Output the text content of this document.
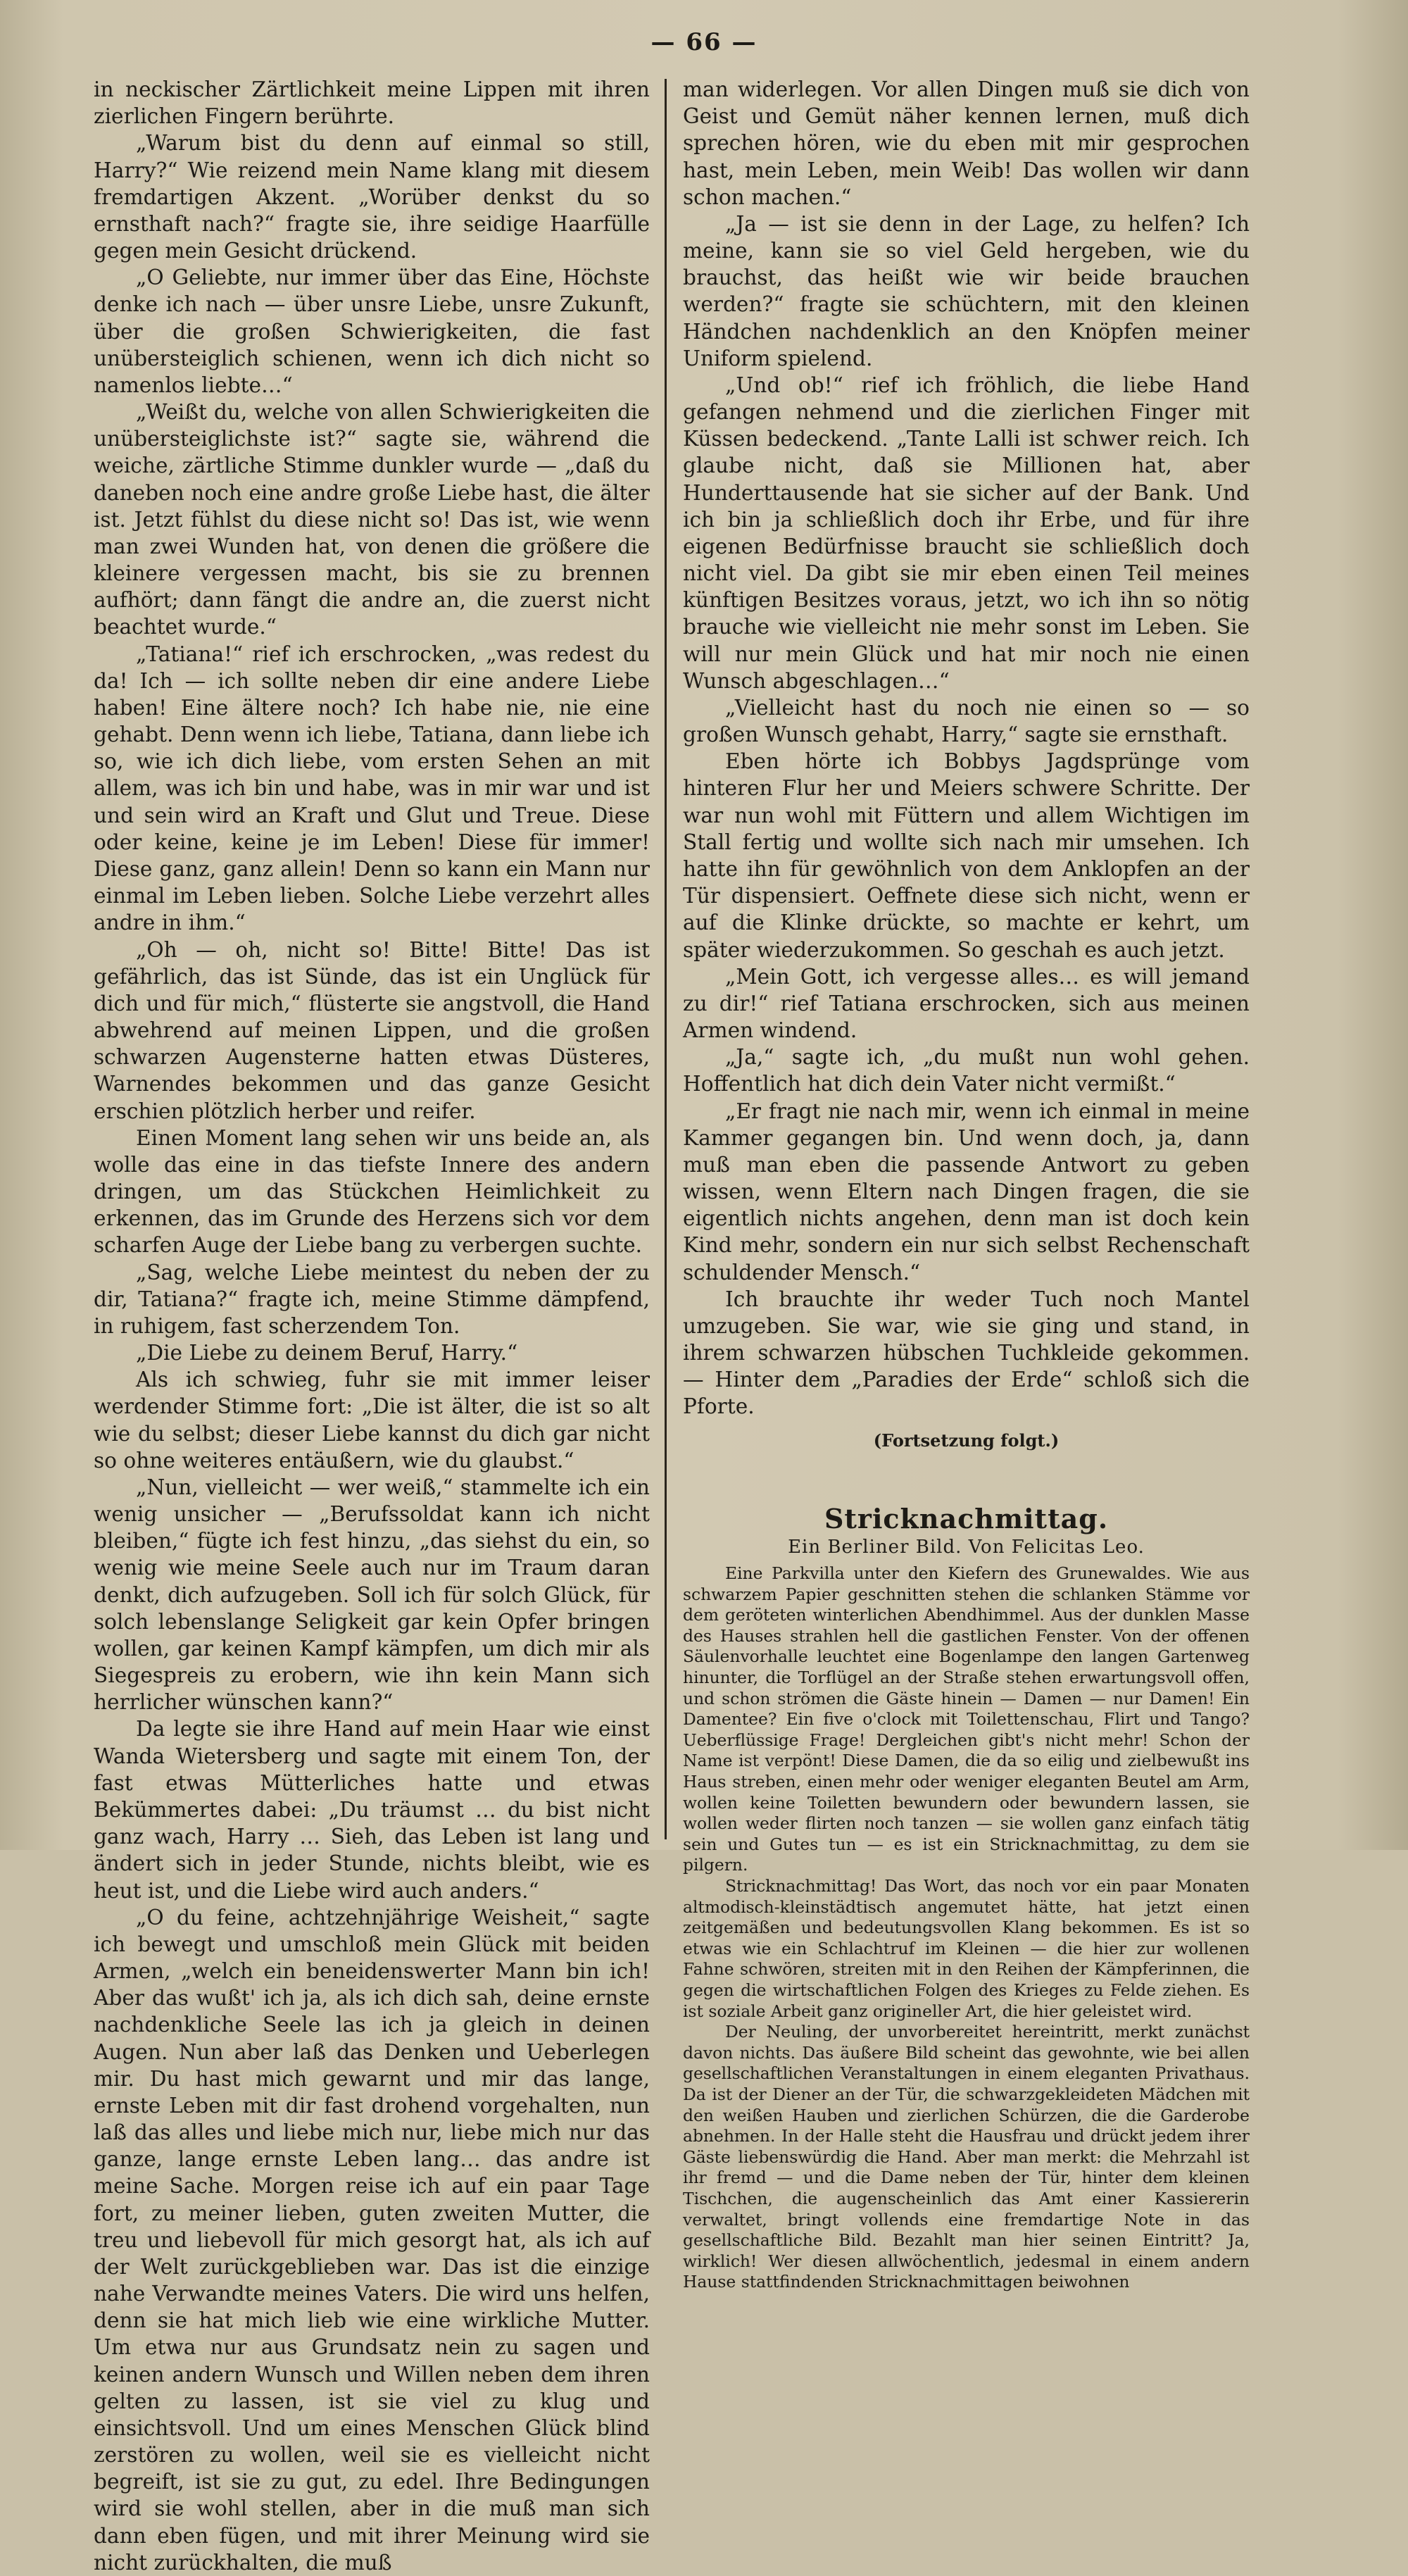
— 66 —

in neckischer Zärtlichkeit meine Lippen mit ihren zierlichen Fingern berührte.

„Warum bist du denn auf einmal so still, Harry?“ Wie reizend mein Name klang mit diesem fremdartigen Akzent. „Worüber denkst du so ernsthaft nach?“ fragte sie, ihre seidige Haarfülle gegen mein Gesicht drückend.

„O Geliebte, nur immer über das Eine, Höchste denke ich nach — über unsre Liebe, unsre Zukunft, über die großen Schwierigkeiten, die fast unübersteiglich schienen, wenn ich dich nicht so namenlos liebte…“

„Weißt du, welche von allen Schwierigkeiten die unübersteiglichste ist?“ sagte sie, während die weiche, zärtliche Stimme dunkler wurde — „daß du daneben noch eine andre große Liebe hast, die älter ist. Jetzt fühlst du diese nicht so! Das ist, wie wenn man zwei Wunden hat, von denen die größere die kleinere vergessen macht, bis sie zu brennen aufhört; dann fängt die andre an, die zuerst nicht beachtet wurde.“

„Tatiana!“ rief ich erschrocken, „was redest du da! Ich — ich sollte neben dir eine andere Liebe haben! Eine ältere noch? Ich habe nie, nie eine gehabt. Denn wenn ich liebe, Tatiana, dann liebe ich so, wie ich dich liebe, vom ersten Sehen an mit allem, was ich bin und habe, was in mir war und ist und sein wird an Kraft und Glut und Treue. Diese oder keine, keine je im Leben! Diese für immer! Diese ganz, ganz allein! Denn so kann ein Mann nur einmal im Leben lieben. Solche Liebe verzehrt alles andre in ihm.“

„Oh — oh, nicht so! Bitte! Bitte! Das ist gefährlich, das ist Sünde, das ist ein Unglück für dich und für mich,“ flüsterte sie angstvoll, die Hand abwehrend auf meinen Lippen, und die großen schwarzen Augensterne hatten etwas Düsteres, Warnendes bekommen und das ganze Gesicht erschien plötzlich herber und reifer.

Einen Moment lang sehen wir uns beide an, als wolle das eine in das tiefste Innere des andern dringen, um das Stückchen Heimlichkeit zu erkennen, das im Grunde des Herzens sich vor dem scharfen Auge der Liebe bang zu verbergen suchte.

„Sag, welche Liebe meintest du neben der zu dir, Tatiana?“ fragte ich, meine Stimme dämpfend, in ruhigem, fast scherzendem Ton.

„Die Liebe zu deinem Beruf, Harry.“

Als ich schwieg, fuhr sie mit immer leiser werdender Stimme fort: „Die ist älter, die ist so alt wie du selbst; dieser Liebe kannst du dich gar nicht so ohne weiteres entäußern, wie du glaubst.“

„Nun, vielleicht — wer weiß,“ stammelte ich ein wenig unsicher — „Berufssoldat kann ich nicht bleiben,“ fügte ich fest hinzu, „das siehst du ein, so wenig wie meine Seele auch nur im Traum daran denkt, dich aufzugeben. Soll ich für solch Glück, für solch lebenslange Seligkeit gar kein Opfer bringen wollen, gar keinen Kampf kämpfen, um dich mir als Siegespreis zu erobern, wie ihn kein Mann sich herrlicher wünschen kann?“

Da legte sie ihre Hand auf mein Haar wie einst Wanda Wietersberg und sagte mit einem Ton, der fast etwas Mütterliches hatte und etwas Bekümmertes dabei: „Du träumst … du bist nicht ganz wach, Harry … Sieh, das Leben ist lang und ändert sich in jeder Stunde, nichts bleibt, wie es heut ist, und die Liebe wird auch anders.“

„O du feine, achtzehnjährige Weisheit,“ sagte ich bewegt und umschloß mein Glück mit beiden Armen, „welch ein beneidenswerter Mann bin ich! Aber das wußt' ich ja, als ich dich sah, deine ernste nachdenkliche Seele las ich ja gleich in deinen Augen. Nun aber laß das Denken und Ueberlegen mir. Du hast mich gewarnt und mir das lange, ernste Leben mit dir fast drohend vorgehalten, nun laß das alles und liebe mich nur, liebe mich nur das ganze, lange ernste Leben lang… das andre ist meine Sache. Morgen reise ich auf ein paar Tage fort, zu meiner lieben, guten zweiten Mutter, die treu und liebevoll für mich gesorgt hat, als ich auf der Welt zurückgeblieben war. Das ist die einzige nahe Verwandte meines Vaters. Die wird uns helfen, denn sie hat mich lieb wie eine wirkliche Mutter. Um etwa nur aus Grundsatz nein zu sagen und keinen andern Wunsch und Willen neben dem ihren gelten zu lassen, ist sie viel zu klug und einsichtsvoll. Und um eines Menschen Glück blind zerstören zu wollen, weil sie es vielleicht nicht begreift, ist sie zu gut, zu edel. Ihre Bedingungen wird sie wohl stellen, aber in die muß man sich dann eben fügen, und mit ihrer Meinung wird sie nicht zurückhalten, die muß

man widerlegen. Vor allen Dingen muß sie dich von Geist und Gemüt näher kennen lernen, muß dich sprechen hören, wie du eben mit mir gesprochen hast, mein Leben, mein Weib! Das wollen wir dann schon machen.“

„Ja — ist sie denn in der Lage, zu helfen? Ich meine, kann sie so viel Geld hergeben, wie du brauchst, das heißt wie wir beide brauchen werden?“ fragte sie schüchtern, mit den kleinen Händchen nachdenklich an den Knöpfen meiner Uniform spielend.

„Und ob!“ rief ich fröhlich, die liebe Hand gefangen nehmend und die zierlichen Finger mit Küssen bedeckend. „Tante Lalli ist schwer reich. Ich glaube nicht, daß sie Millionen hat, aber Hunderttausende hat sie sicher auf der Bank. Und ich bin ja schließlich doch ihr Erbe, und für ihre eigenen Bedürfnisse braucht sie schließlich doch nicht viel. Da gibt sie mir eben einen Teil meines künftigen Besitzes voraus, jetzt, wo ich ihn so nötig brauche wie vielleicht nie mehr sonst im Leben. Sie will nur mein Glück und hat mir noch nie einen Wunsch abgeschlagen…“

„Vielleicht hast du noch nie einen so — so großen Wunsch gehabt, Harry,“ sagte sie ernsthaft.

Eben hörte ich Bobbys Jagdsprünge vom hinteren Flur her und Meiers schwere Schritte. Der war nun wohl mit Füttern und allem Wichtigen im Stall fertig und wollte sich nach mir umsehen. Ich hatte ihn für gewöhnlich von dem Anklopfen an der Tür dispensiert. Oeffnete diese sich nicht, wenn er auf die Klinke drückte, so machte er kehrt, um später wiederzukommen. So geschah es auch jetzt.

„Mein Gott, ich vergesse alles… es will jemand zu dir!“ rief Tatiana erschrocken, sich aus meinen Armen windend.

„Ja,“ sagte ich, „du mußt nun wohl gehen. Hoffentlich hat dich dein Vater nicht vermißt.“

„Er fragt nie nach mir, wenn ich einmal in meine Kammer gegangen bin. Und wenn doch, ja, dann muß man eben die passende Antwort zu geben wissen, wenn Eltern nach Dingen fragen, die sie eigentlich nichts angehen, denn man ist doch kein Kind mehr, sondern ein nur sich selbst Rechenschaft schuldender Mensch.“

Ich brauchte ihr weder Tuch noch Mantel umzugeben. Sie war, wie sie ging und stand, in ihrem schwarzen hübschen Tuchkleide gekommen. — Hinter dem „Paradies der Erde“ schloß sich die Pforte.

(Fortsetzung folgt.)

Stricknachmittag.

Ein Berliner Bild. Von Felicitas Leo.

Eine Parkvilla unter den Kiefern des Grunewaldes. Wie aus schwarzem Papier geschnitten stehen die schlanken Stämme vor dem geröteten winterlichen Abendhimmel. Aus der dunklen Masse des Hauses strahlen hell die gastlichen Fenster. Von der offenen Säulenvorhalle leuchtet eine Bogenlampe den langen Gartenweg hinunter, die Torflügel an der Straße stehen erwartungsvoll offen, und schon strömen die Gäste hinein — Damen — nur Damen! Ein Damentee? Ein five o'clock mit Toilettenschau, Flirt und Tango? Ueberflüssige Frage! Dergleichen gibt's nicht mehr! Schon der Name ist verpönt! Diese Damen, die da so eilig und zielbewußt ins Haus streben, einen mehr oder weniger eleganten Beutel am Arm, wollen keine Toiletten bewundern oder bewundern lassen, sie wollen weder flirten noch tanzen — sie wollen ganz einfach tätig sein und Gutes tun — es ist ein Stricknachmittag, zu dem sie pilgern.

Stricknachmittag! Das Wort, das noch vor ein paar Monaten altmodisch-kleinstädtisch angemutet hätte, hat jetzt einen zeitgemäßen und bedeutungsvollen Klang bekommen. Es ist so etwas wie ein Schlachtruf im Kleinen — die hier zur wollenen Fahne schwören, streiten mit in den Reihen der Kämpferinnen, die gegen die wirtschaftlichen Folgen des Krieges zu Felde ziehen. Es ist soziale Arbeit ganz origineller Art, die hier geleistet wird.

Der Neuling, der unvorbereitet hereintritt, merkt zunächst davon nichts. Das äußere Bild scheint das gewohnte, wie bei allen gesellschaftlichen Veranstaltungen in einem eleganten Privathaus. Da ist der Diener an der Tür, die schwarzgekleideten Mädchen mit den weißen Hauben und zierlichen Schürzen, die die Garderobe abnehmen. In der Halle steht die Hausfrau und drückt jedem ihrer Gäste liebenswürdig die Hand. Aber man merkt: die Mehrzahl ist ihr fremd — und die Dame neben der Tür, hinter dem kleinen Tischchen, die augenscheinlich das Amt einer Kassiererin verwaltet, bringt vollends eine fremdartige Note in das gesellschaftliche Bild. Bezahlt man hier seinen Eintritt? Ja, wirklich! Wer diesen allwöchentlich, jedesmal in einem andern Hause stattfindenden Stricknachmittagen beiwohnen
